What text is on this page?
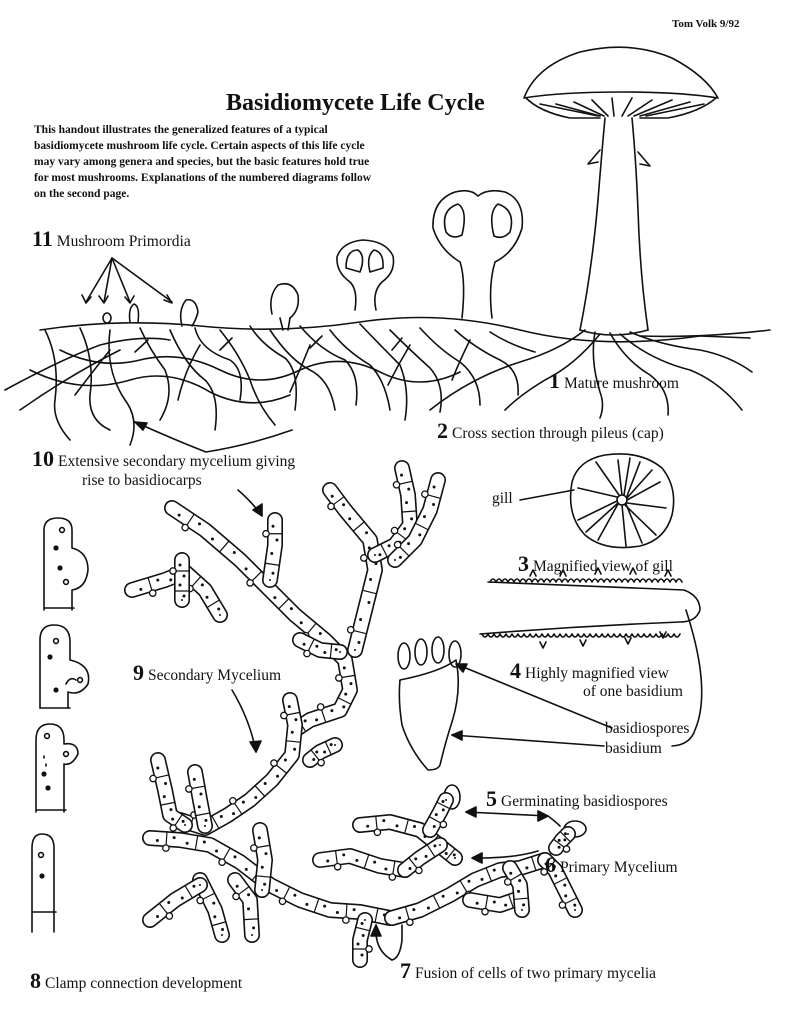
Tom Volk 9/92

Basidiomycete Life Cycle

This handout illustrates the generalized features of a typical basidiomycete mushroom life cycle. Certain aspects of this life cycle may vary among genera and species, but the basic features hold true for most mushrooms. Explanations of the numbered diagrams follow on the second page.

11 Mushroom Primordia
1 Mature mushroom
2 Cross section through pileus (cap)
10 Extensive secondary mycelium giving
rise to basidiocarps
gill
3 Magnified view of gill
4 Highly magnified view
of one basidium
basidiospores
basidium
9 Secondary Mycelium
5 Germinating basidiospores
6 Primary Mycelium
7 Fusion of cells of two primary mycelia
8 Clamp connection development
